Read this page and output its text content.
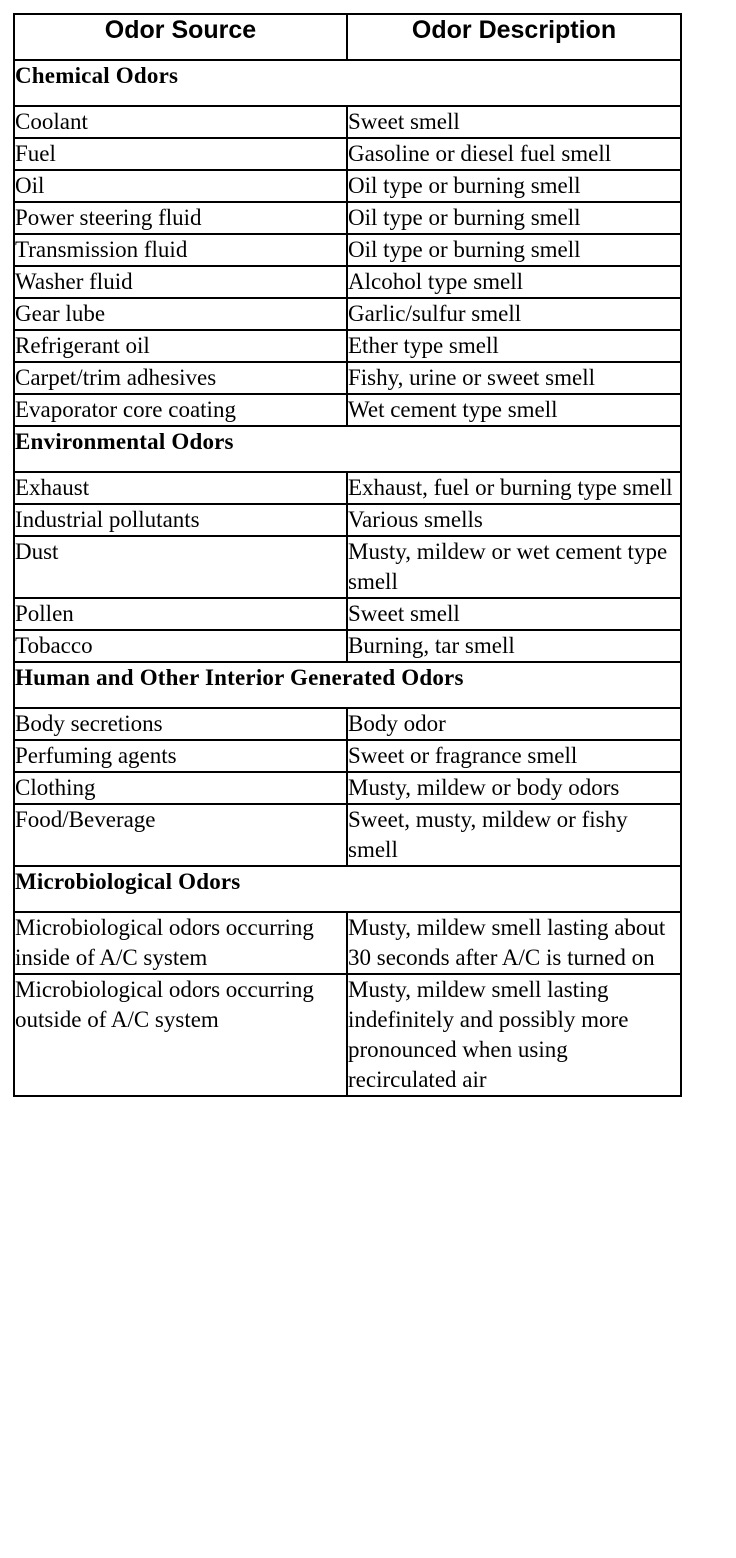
Odor Source	Odor Description
Chemical Odors	
Coolant	Sweet smell
Fuel	Gasoline or diesel fuel smell
Oil	Oil type or burning smell
Power steering fluid	Oil type or burning smell
Transmission fluid	Oil type or burning smell
Washer fluid	Alcohol type smell
Gear lube	Garlic/sulfur smell
Refrigerant oil	Ether type smell
Carpet/trim adhesives	Fishy, urine or sweet smell
Evaporator core coating	Wet cement type smell
Environmental Odors	
Exhaust	Exhaust, fuel or burning type smell
Industrial pollutants	Various smells
Dust	Musty, mildew or wet cement type smell
Pollen	Sweet smell
Tobacco	Burning, tar smell
Human and Other Interior Generated Odors	
Body secretions	Body odor
Perfuming agents	Sweet or fragrance smell
Clothing	Musty, mildew or body odors
Food/Beverage	Sweet, musty, mildew or fishy smell
Microbiological Odors	
Microbiological odors occurring inside of A/C system	Musty, mildew smell lasting about 30 seconds after A/C is turned on
Microbiological odors occurring outside of A/C system	Musty, mildew smell lasting indefinitely and possibly more pronounced when using recirculated air
